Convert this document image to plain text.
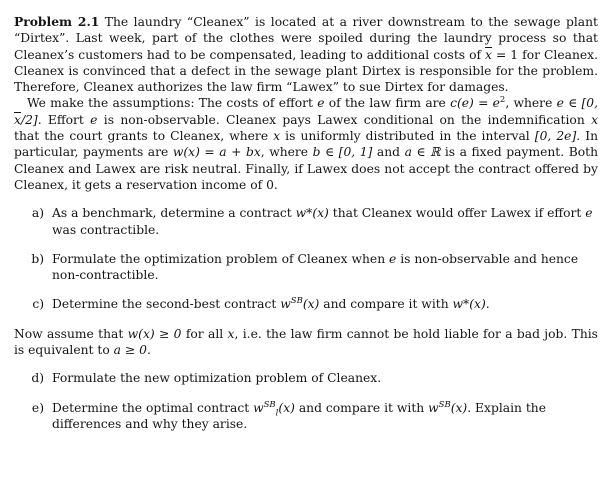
Problem 2.1 The laundry “Cleanex” is located at a river downstream to the sewage plant “Dirtex”. Last week, part of the clothes were spoiled during the laundry process so that Cleanex’s customers had to be compensated, leading to additional costs of $\overline{x} = 1$ for Cleanex. Cleanex is convinced that a defect in the sewage plant Dirtex is responsible for the problem. Therefore, Cleanex authorizes the law firm “Lawex” to sue Dirtex for damages.

We make the assumptions: The costs of effort e of the law firm are $c(e) = e^2$, where e ∈ [0, $\overline{x}/2$]. Effort e is non-observable. Cleanex pays Lawex conditional on the indemnification x that the court grants to Cleanex, where x is uniformly distributed in the interval [0, 2e]. In particular, payments are w(x) = a + bx, where b ∈ [0, 1] and a ∈ ℝ is a fixed payment. Both Cleanex and Lawex are risk neutral. Finally, if Lawex does not accept the contract offered by Cleanex, it gets a reservation income of 0.

a) As a benchmark, determine a contract w*(x) that Cleanex would offer Lawex if effort e was contractible.
b) Formulate the optimization problem of Cleanex when e is non-observable and hence non-contractible.
c) Determine the second-best contract $w^{SB}(x)$ and compare it with w*(x).

Now assume that w(x) ≥ 0 for all x, i.e. the law firm cannot be hold liable for a bad job. This is equivalent to a ≥ 0.

d) Formulate the new optimization problem of Cleanex.
e) Determine the optimal contract $w^{SB}_l(x)$ and compare it with $w^{SB}(x)$. Explain the differences and why they arise.
